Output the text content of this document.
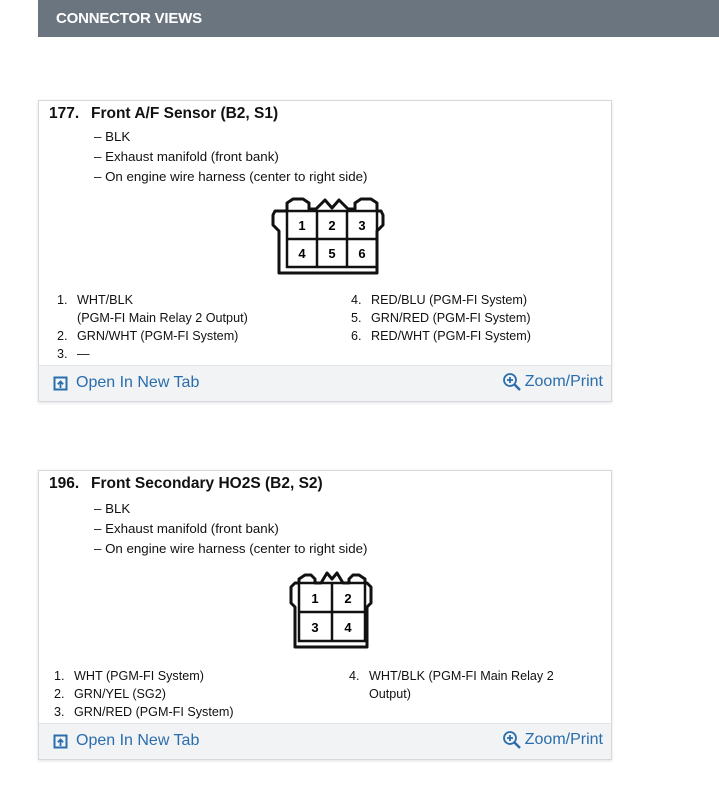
CONNECTOR VIEWS
177. Front A/F Sensor (B2, S1)
– BLK
– Exhaust manifold (front bank)
– On engine wire harness (center to right side)
1 2 3
4 5 6
1. WHT/BLK
(PGM-FI Main Relay 2 Output)
2. GRN/WHT (PGM-FI System)
3. —
4. RED/BLU (PGM-FI System)
5. GRN/RED (PGM-FI System)
6. RED/WHT (PGM-FI System)
Open In New Tab	Zoom/Print
196. Front Secondary HO2S (B2, S2)
– BLK
– Exhaust manifold (front bank)
– On engine wire harness (center to right side)
1 2
3 4
1. WHT (PGM-FI System)
2. GRN/YEL (SG2)
3. GRN/RED (PGM-FI System)
4. WHT/BLK (PGM-FI Main Relay 2
Output)
Open In New Tab	Zoom/Print
